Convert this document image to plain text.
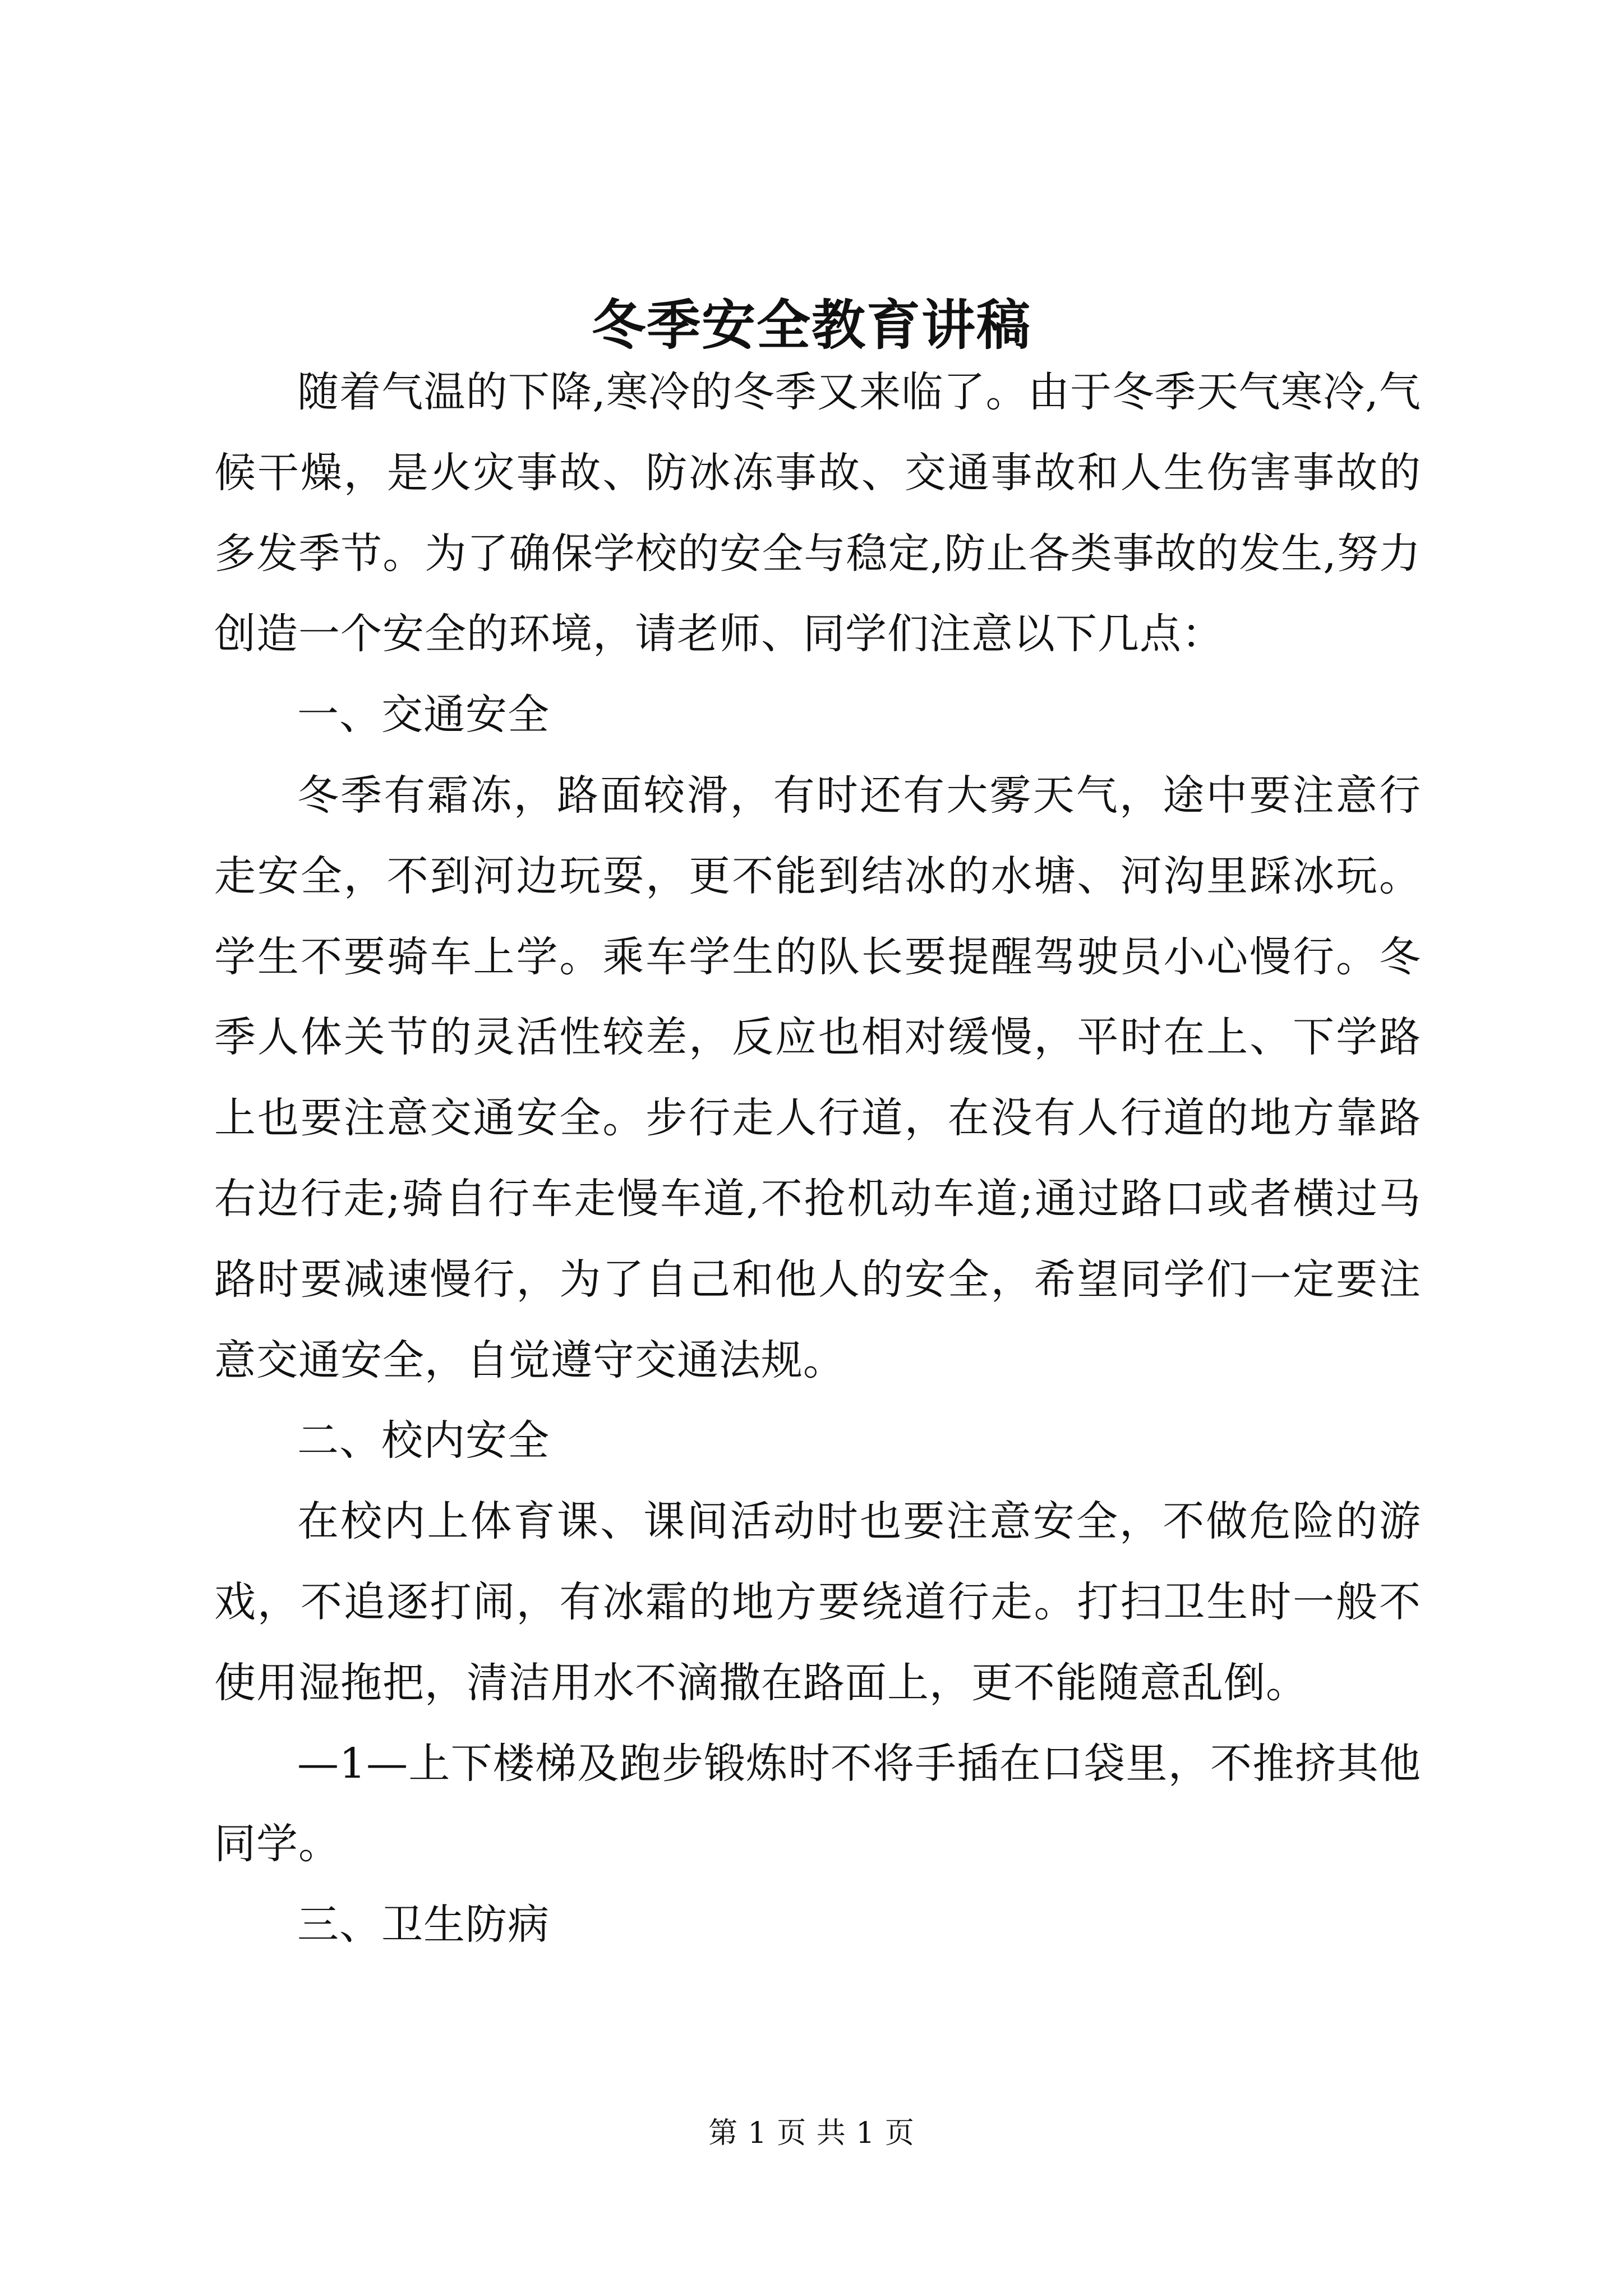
冬季安全教育讲稿

随着气温的下降,寒冷的冬季又来临了。由于冬季天气寒冷,气候干燥，是火灾事故、防冰冻事故、交通事故和人生伤害事故的多发季节。为了确保学校的安全与稳定,防止各类事故的发生,努力创造一个安全的环境，请老师、同学们注意以下几点：

一、交通安全

冬季有霜冻，路面较滑，有时还有大雾天气，途中要注意行走安全，不到河边玩耍，更不能到结冰的水塘、河沟里踩冰玩。学生不要骑车上学。乘车学生的队长要提醒驾驶员小心慢行。冬季人体关节的灵活性较差，反应也相对缓慢，平时在上、下学路上也要注意交通安全。步行走人行道，在没有人行道的地方靠路右边行走;骑自行车走慢车道,不抢机动车道;通过路口或者横过马路时要减速慢行，为了自己和他人的安全，希望同学们一定要注意交通安全，自觉遵守交通法规。

二、校内安全

在校内上体育课、课间活动时也要注意安全，不做危险的游戏，不追逐打闹，有冰霜的地方要绕道行走。打扫卫生时一般不使用湿拖把，清洁用水不滴撒在路面上，更不能随意乱倒。

—1—上下楼梯及跑步锻炼时不将手插在口袋里，不推挤其他同学。

三、卫生防病

第 1 页 共 1 页
